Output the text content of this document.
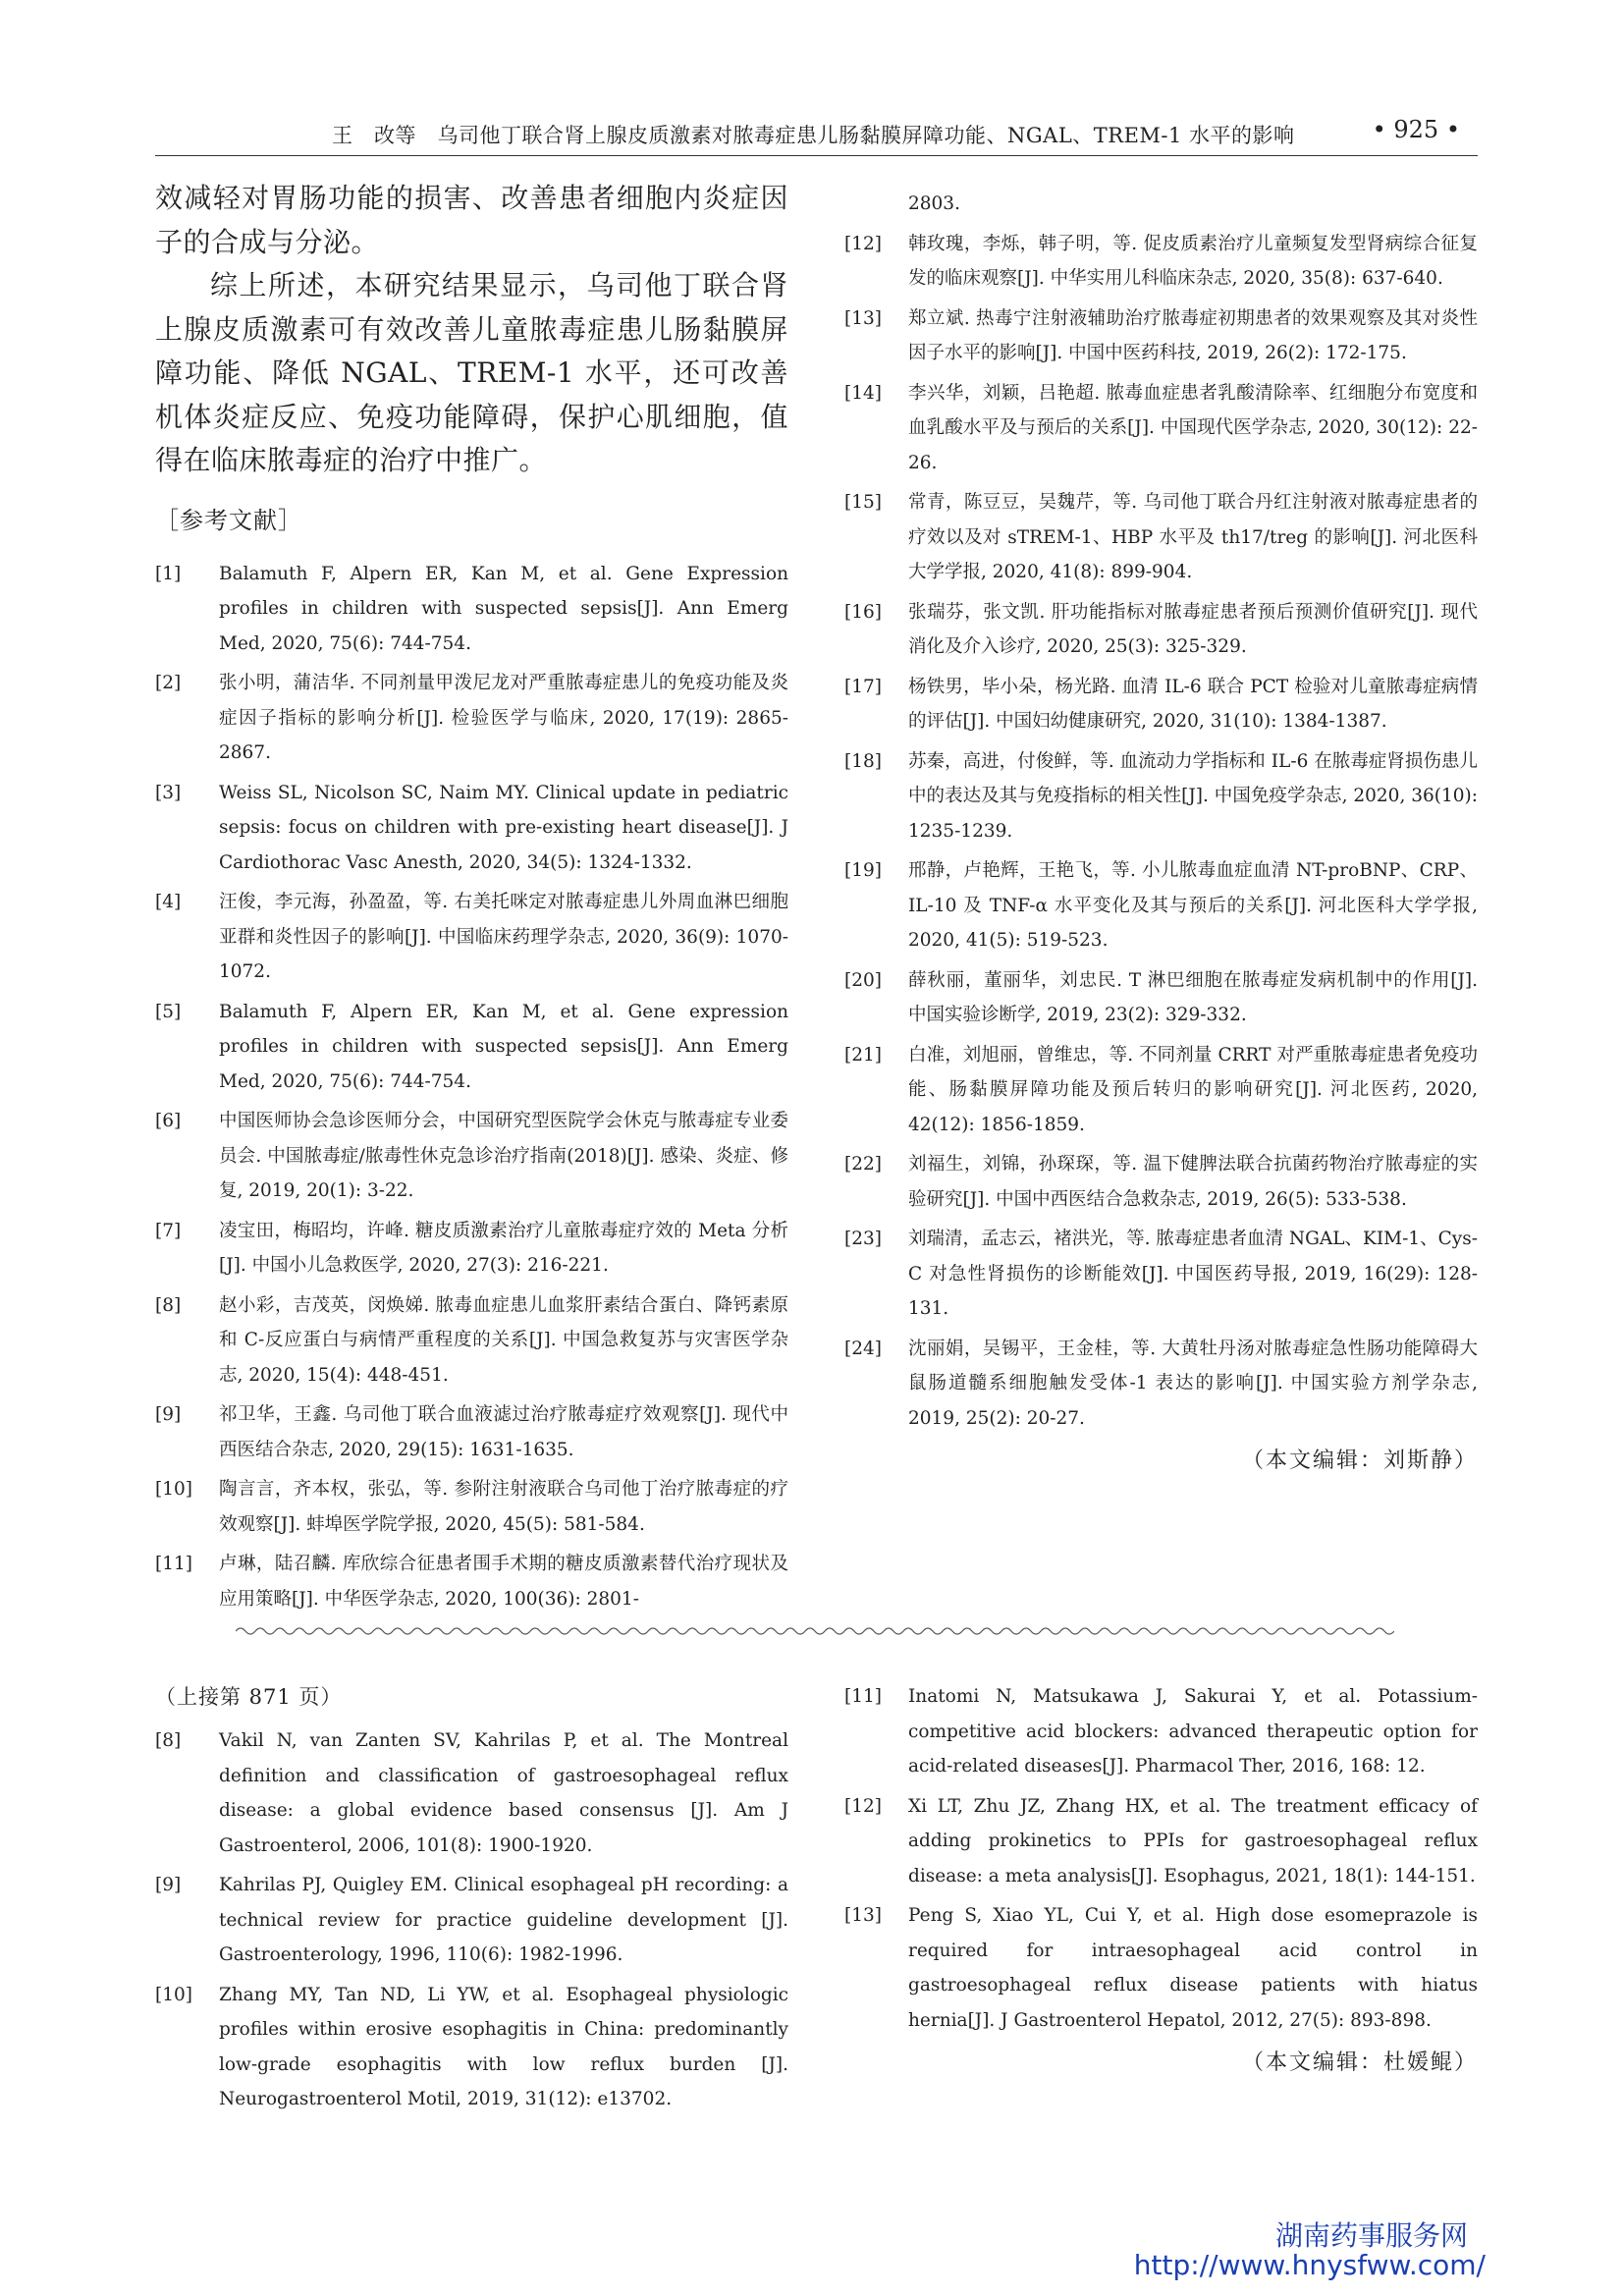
王　改等　乌司他丁联合肾上腺皮质激素对脓毒症患儿肠黏膜屏障功能、NGAL、TREM-1 水平的影响	• 925 •

效减轻对胃肠功能的损害、改善患者细胞内炎症因子的合成与分泌。

综上所述，本研究结果显示，乌司他丁联合肾上腺皮质激素可有效改善儿童脓毒症患儿肠黏膜屏障功能、降低 NGAL、TREM-1 水平，还可改善机体炎症反应、免疫功能障碍，保护心肌细胞，值得在临床脓毒症的治疗中推广。

［参考文献］
[1]	Balamuth F, Alpern ER, Kan M, et al. Gene Expression profiles in children with suspected sepsis[J]. Ann Emerg Med, 2020, 75(6): 744-754.
[2]	张小明，蒲洁华. 不同剂量甲泼尼龙对严重脓毒症患儿的免疫功能及炎症因子指标的影响分析[J]. 检验医学与临床, 2020, 17(19): 2865-2867.
[3]	Weiss SL, Nicolson SC, Naim MY. Clinical update in pediatric sepsis: focus on children with pre-existing heart disease[J]. J Cardiothorac Vasc Anesth, 2020, 34(5): 1324-1332.
[4]	汪俊，李元海，孙盈盈，等. 右美托咪定对脓毒症患儿外周血淋巴细胞亚群和炎性因子的影响[J]. 中国临床药理学杂志, 2020, 36(9): 1070-1072.
[5]	Balamuth F, Alpern ER, Kan M, et al. Gene expression profiles in children with suspected sepsis[J]. Ann Emerg Med, 2020, 75(6): 744-754.
[6]	中国医师协会急诊医师分会，中国研究型医院学会休克与脓毒症专业委员会. 中国脓毒症/脓毒性休克急诊治疗指南(2018)[J]. 感染、炎症、修复, 2019, 20(1): 3-22.
[7]	凌宝田，梅昭均，许峰. 糖皮质激素治疗儿童脓毒症疗效的 Meta 分析[J]. 中国小儿急救医学, 2020, 27(3): 216-221.
[8]	赵小彩，吉茂英，闵焕娣. 脓毒血症患儿血浆肝素结合蛋白、降钙素原和 C-反应蛋白与病情严重程度的关系[J]. 中国急救复苏与灾害医学杂志, 2020, 15(4): 448-451.
[9]	祁卫华，王鑫. 乌司他丁联合血液滤过治疗脓毒症疗效观察[J]. 现代中西医结合杂志, 2020, 29(15): 1631-1635.
[10]	陶言言，齐本权，张弘，等. 参附注射液联合乌司他丁治疗脓毒症的疗效观察[J]. 蚌埠医学院学报, 2020, 45(5): 581-584.
[11]	卢琳，陆召麟. 库欣综合征患者围手术期的糖皮质激素替代治疗现状及应用策略[J]. 中华医学杂志, 2020, 100(36): 2801-
2803.
[12]	韩玫瑰，李烁，韩子明，等. 促皮质素治疗儿童频复发型肾病综合征复发的临床观察[J]. 中华实用儿科临床杂志, 2020, 35(8): 637-640.
[13]	郑立斌. 热毒宁注射液辅助治疗脓毒症初期患者的效果观察及其对炎性因子水平的影响[J]. 中国中医药科技, 2019, 26(2): 172-175.
[14]	李兴华，刘颖，吕艳超. 脓毒血症患者乳酸清除率、红细胞分布宽度和血乳酸水平及与预后的关系[J]. 中国现代医学杂志, 2020, 30(12): 22-26.
[15]	常青，陈豆豆，吴魏芹，等. 乌司他丁联合丹红注射液对脓毒症患者的疗效以及对 sTREM-1、HBP 水平及 th17/treg 的影响[J]. 河北医科大学学报, 2020, 41(8): 899-904.
[16]	张瑞芬，张文凯. 肝功能指标对脓毒症患者预后预测价值研究[J]. 现代消化及介入诊疗, 2020, 25(3): 325-329.
[17]	杨铁男，毕小朵，杨光路. 血清 IL-6 联合 PCT 检验对儿童脓毒症病情的评估[J]. 中国妇幼健康研究, 2020, 31(10): 1384-1387.
[18]	苏秦，高进，付俊鲜，等. 血流动力学指标和 IL-6 在脓毒症肾损伤患儿中的表达及其与免疫指标的相关性[J]. 中国免疫学杂志, 2020, 36(10): 1235-1239.
[19]	邢静，卢艳辉，王艳飞，等. 小儿脓毒血症血清 NT-proBNP、CRP、IL-10 及 TNF-α 水平变化及其与预后的关系[J]. 河北医科大学学报, 2020, 41(5): 519-523.
[20]	薛秋丽，董丽华，刘忠民. T 淋巴细胞在脓毒症发病机制中的作用[J]. 中国实验诊断学, 2019, 23(2): 329-332.
[21]	白准，刘旭丽，曾维忠，等. 不同剂量 CRRT 对严重脓毒症患者免疫功能、肠黏膜屏障功能及预后转归的影响研究[J]. 河北医药, 2020, 42(12): 1856-1859.
[22]	刘福生，刘锦，孙琛琛，等. 温下健脾法联合抗菌药物治疗脓毒症的实验研究[J]. 中国中西医结合急救杂志, 2019, 26(5): 533-538.
[23]	刘瑞清，孟志云，褚洪光，等. 脓毒症患者血清 NGAL、KIM-1、Cys-C 对急性肾损伤的诊断能效[J]. 中国医药导报, 2019, 16(29): 128-131.
[24]	沈丽娟，吴锡平，王金桂，等. 大黄牡丹汤对脓毒症急性肠功能障碍大鼠肠道髓系细胞触发受体-1 表达的影响[J]. 中国实验方剂学杂志, 2019, 25(2): 20-27.
（本文编辑：刘斯静）
（上接第 871 页）
[8]	Vakil N, van Zanten SV, Kahrilas P, et al. The Montreal definition and classification of gastroesophageal reflux disease: a global evidence based consensus [J]. Am J Gastroenterol, 2006, 101(8): 1900-1920.
[9]	Kahrilas PJ, Quigley EM. Clinical esophageal pH recording: a technical review for practice guideline development [J]. Gastroenterology, 1996, 110(6): 1982-1996.
[10]	Zhang MY, Tan ND, Li YW, et al. Esophageal physiologic profiles within erosive esophagitis in China: predominantly low-grade esophagitis with low reflux burden [J]. Neurogastroenterol Motil, 2019, 31(12): e13702.
[11]	Inatomi N, Matsukawa J, Sakurai Y, et al. Potassium-competitive acid blockers: advanced therapeutic option for acid-related diseases[J]. Pharmacol Ther, 2016, 168: 12.
[12]	Xi LT, Zhu JZ, Zhang HX, et al. The treatment efficacy of adding prokinetics to PPIs for gastroesophageal reflux disease: a meta analysis[J]. Esophagus, 2021, 18(1): 144-151.
[13]	Peng S, Xiao YL, Cui Y, et al. High dose esomeprazole is required for intraesophageal acid control in gastroesophageal reflux disease patients with hiatus hernia[J]. J Gastroenterol Hepatol, 2012, 27(5): 893-898.
（本文编辑：杜媛鲲）
湖南药事服务网
http://www.hnysfww.com/
